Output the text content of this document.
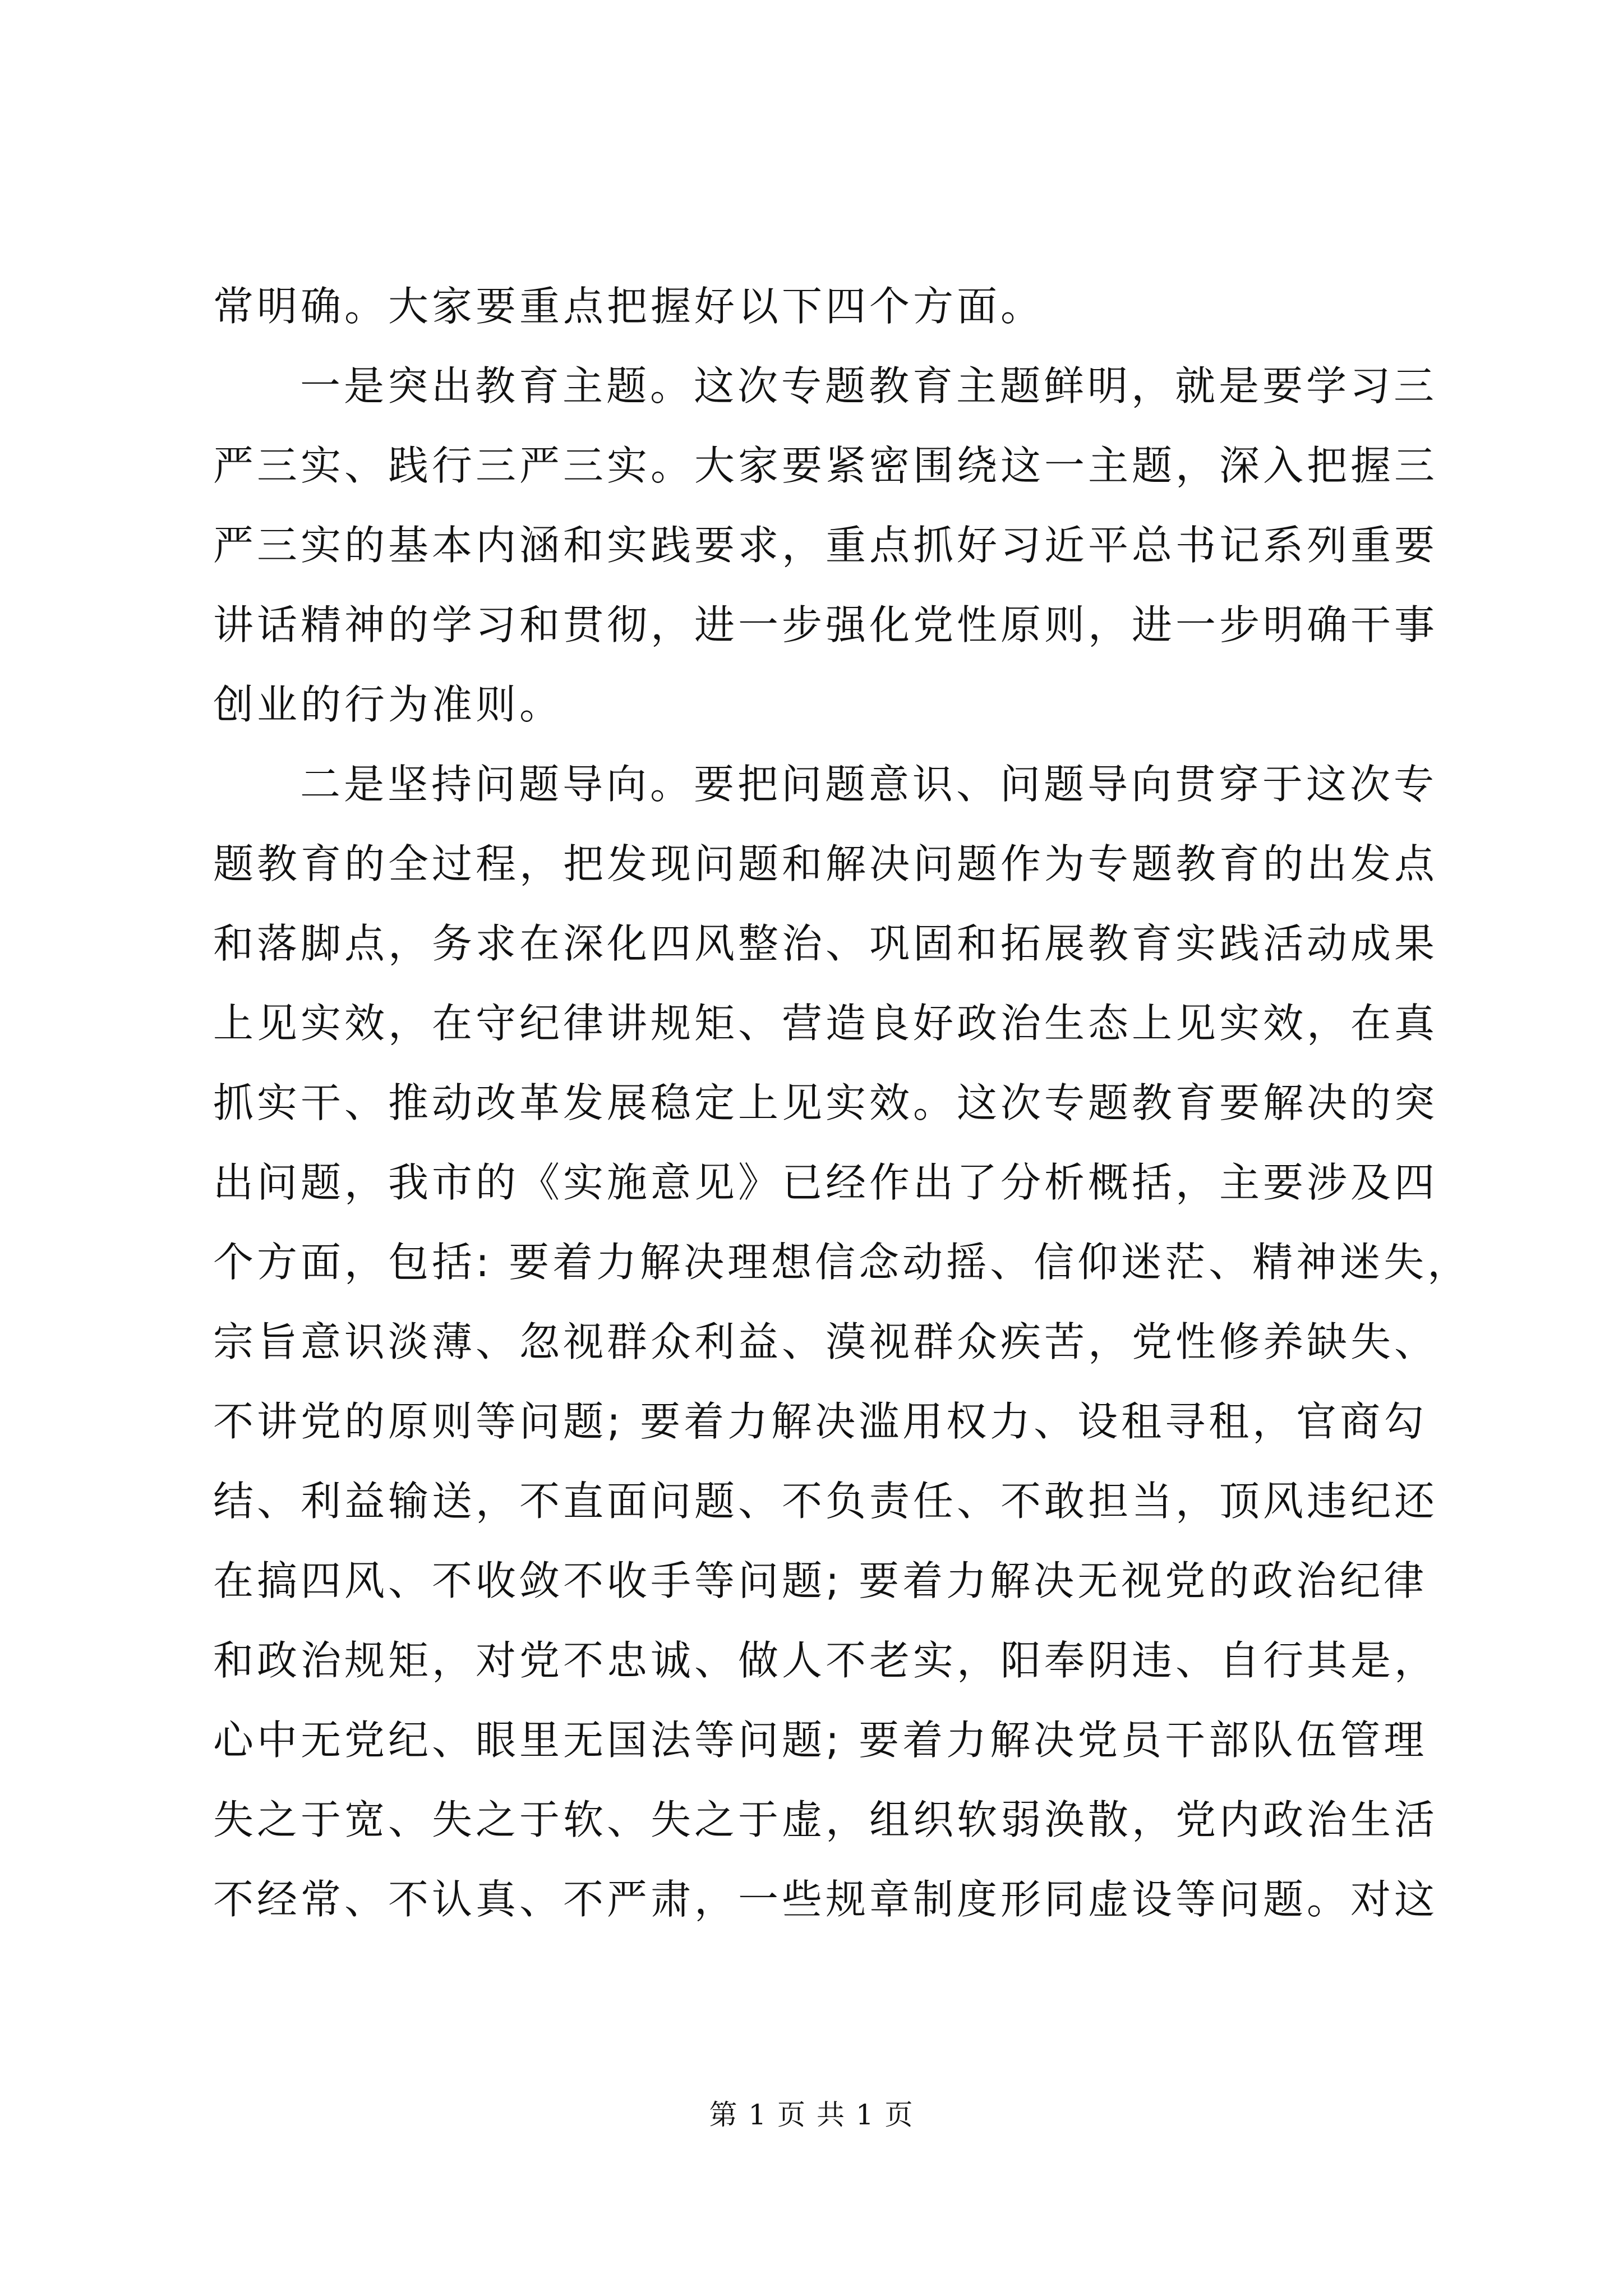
常明确。大家要重点把握好以下四个方面。
一是突出教育主题。这次专题教育主题鲜明，就是要学习三
严三实、践行三严三实。大家要紧密围绕这一主题，深入把握三
严三实的基本内涵和实践要求，重点抓好习近平总书记系列重要
讲话精神的学习和贯彻，进一步强化党性原则，进一步明确干事
创业的行为准则。
二是坚持问题导向。要把问题意识、问题导向贯穿于这次专
题教育的全过程，把发现问题和解决问题作为专题教育的出发点
和落脚点，务求在深化四风整治、巩固和拓展教育实践活动成果
上见实效，在守纪律讲规矩、营造良好政治生态上见实效，在真
抓实干、推动改革发展稳定上见实效。这次专题教育要解决的突
出问题，我市的《实施意见》已经作出了分析概括，主要涉及四
个方面，包括: 要着力解决理想信念动摇、信仰迷茫、精神迷失，
宗旨意识淡薄、忽视群众利益、漠视群众疾苦，党性修养缺失、
不讲党的原则等问题; 要着力解决滥用权力、设租寻租，官商勾
结、利益输送，不直面问题、不负责任、不敢担当，顶风违纪还
在搞四风、不收敛不收手等问题; 要着力解决无视党的政治纪律
和政治规矩，对党不忠诚、做人不老实，阳奉阴违、自行其是，
心中无党纪、眼里无国法等问题; 要着力解决党员干部队伍管理
失之于宽、失之于软、失之于虚，组织软弱涣散，党内政治生活
不经常、不认真、不严肃，一些规章制度形同虚设等问题。对这
第 1 页 共 1 页
